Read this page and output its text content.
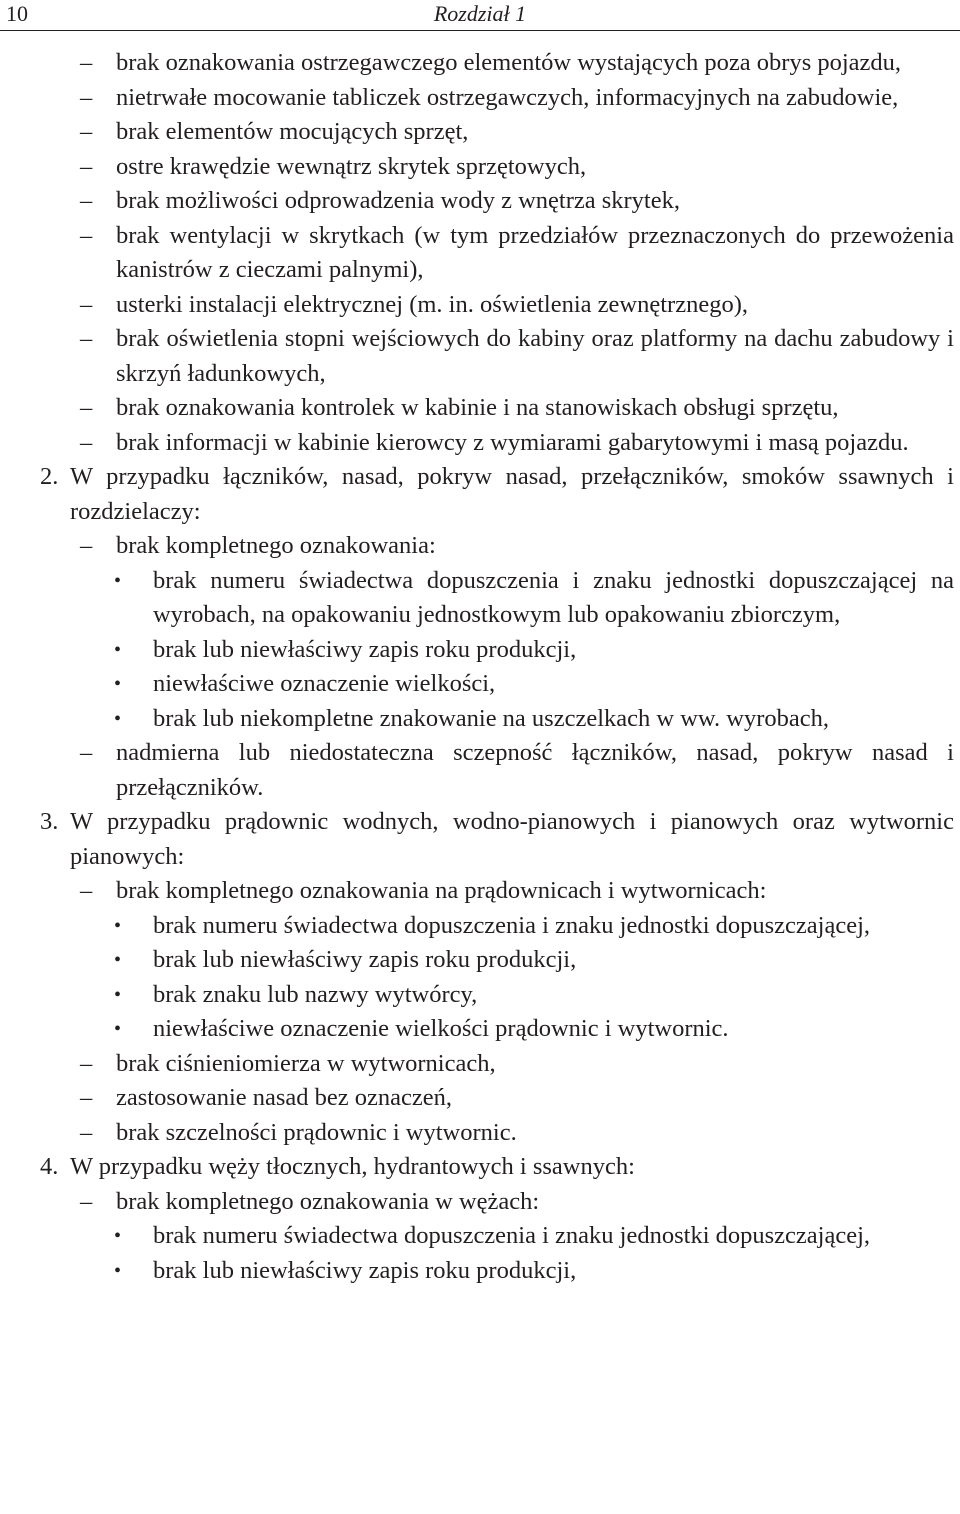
10	Rozdział 1

– brak oznakowania ostrzegawczego elementów wystających poza obrys pojazdu,

– nietrwałe mocowanie tabliczek ostrzegawczych, informacyjnych na zabudowie,

– brak elementów mocujących sprzęt,

– ostre krawędzie wewnątrz skrytek sprzętowych,

– brak możliwości odprowadzenia wody z wnętrza skrytek,

– brak wentylacji w skrytkach (w tym przedziałów przeznaczonych do przewożenia kanistrów z cieczami palnymi),

– usterki instalacji elektrycznej (m. in. oświetlenia zewnętrznego),

– brak oświetlenia stopni wejściowych do kabiny oraz platformy na dachu zabudowy i skrzyń ładunkowych,

– brak oznakowania kontrolek w kabinie i na stanowiskach obsługi sprzętu,

– brak informacji w kabinie kierowcy z wymiarami gabarytowymi i masą pojazdu.

2. W przypadku łączników, nasad, pokryw nasad, przełączników, smoków ssawnych i rozdzielaczy:

– brak kompletnego oznakowania:

• brak numeru świadectwa dopuszczenia i znaku jednostki dopuszczającej na wyrobach, na opakowaniu jednostkowym lub opakowaniu zbiorczym,

• brak lub niewłaściwy zapis roku produkcji,

• niewłaściwe oznaczenie wielkości,

• brak lub niekompletne znakowanie na uszczelkach w ww. wyrobach,

– nadmierna lub niedostateczna sczepność łączników, nasad, pokryw nasad i przełączników.

3. W przypadku prądownic wodnych, wodno-pianowych i pianowych oraz wytwornic pianowych:

– brak kompletnego oznakowania na prądownicach i wytwornicach:

• brak numeru świadectwa dopuszczenia i znaku jednostki dopuszczającej,

• brak lub niewłaściwy zapis roku produkcji,

• brak znaku lub nazwy wytwórcy,

• niewłaściwe oznaczenie wielkości prądownic i wytwornic.

– brak ciśnieniomierza w wytwornicach,

– zastosowanie nasad bez oznaczeń,

– brak szczelności prądownic i wytwornic.

4. W przypadku węży tłocznych, hydrantowych i ssawnych:

– brak kompletnego oznakowania w wężach:

• brak numeru świadectwa dopuszczenia i znaku jednostki dopuszczającej,

• brak lub niewłaściwy zapis roku produkcji,
